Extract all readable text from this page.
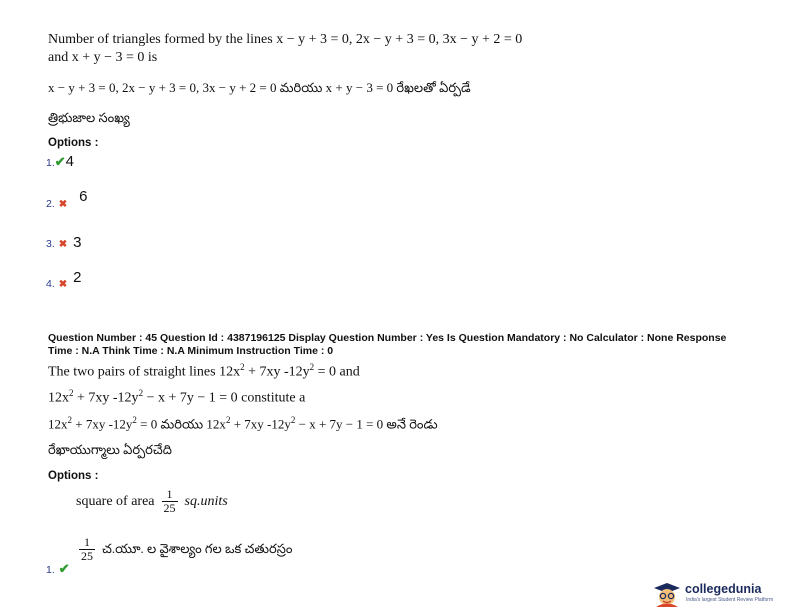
Number of triangles formed by the lines x − y + 3 = 0, 2x − y + 3 = 0, 3x − y + 2 = 0
and x + y − 3 = 0 is
x − y + 3 = 0, 2x − y + 3 = 0, 3x − y + 2 = 0 మరియు x + y − 3 = 0 రేఖలతో ఏర్పడే
త్రిభుజాల సంఖ్య
Options :
1.✔4
2. ✖ 6
3. ✖ 3
4. ✖ 2
Question Number : 45 Question Id : 4387196125 Display Question Number : Yes Is Question Mandatory : No Calculator : None Response
Time : N.A Think Time : N.A Minimum Instruction Time : 0
The two pairs of straight lines $12x^2 + 7xy$ $-12y^2 = 0$ and
$12x^2 + 7xy$ $-12y^2 - x + 7y - 1 = 0$ constitute a
$12x^2 + 7xy$ $-12y^2 = 0$ మరియు $12x^2 + 7xy$ $-12y^2 - x + 7y - 1 = 0$ అనే రెండు
రేఖాయుగ్మాలు ఏర్పరచేది
Options :
square of area $\frac{1}{25}$ sq.units
$\frac{1}{25}$ చ.యూ. ల వైశాల్యం గల ఒక చతురస్రం
1. ✔
collegedunia
India's largest Student Review Platform
